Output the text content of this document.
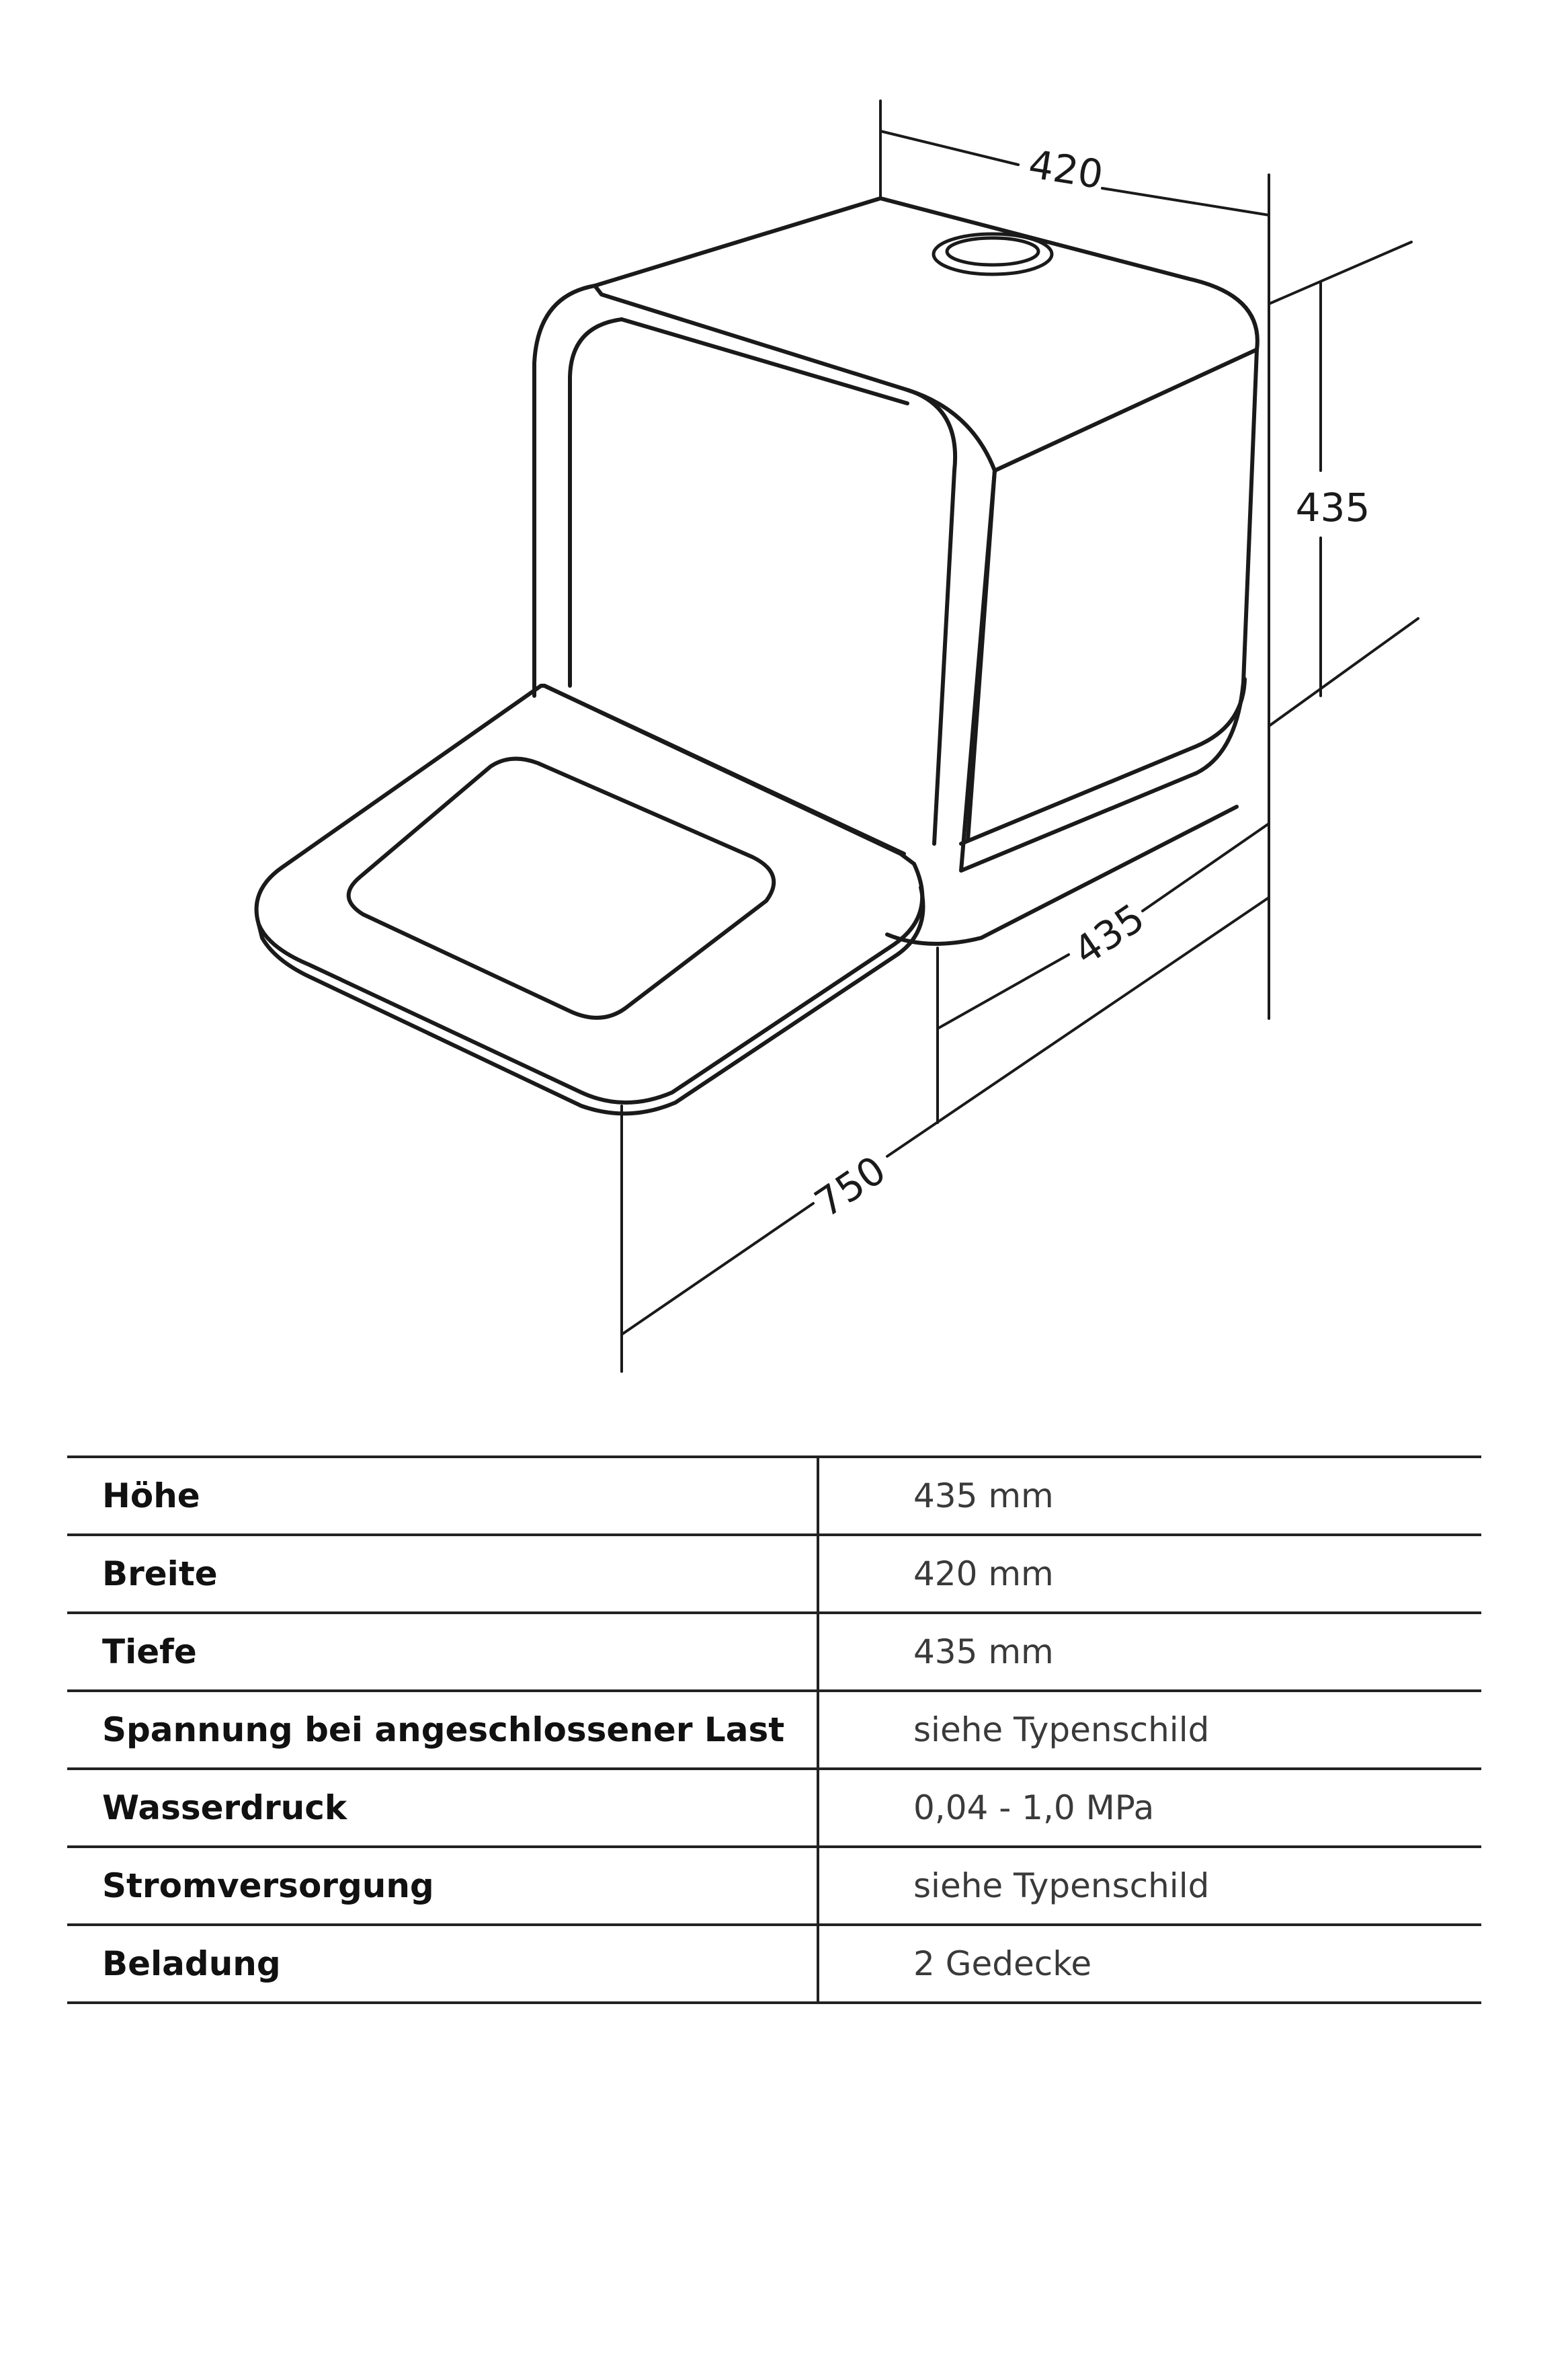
420
435
435
750
Höhe	435 mm
Breite	420 mm
Tiefe	435 mm
Spannung bei angeschlossener Last	siehe Typenschild
Wasserdruck	0,04 - 1,0 MPa
Stromversorgung	siehe Typenschild
Beladung	2 Gedecke
